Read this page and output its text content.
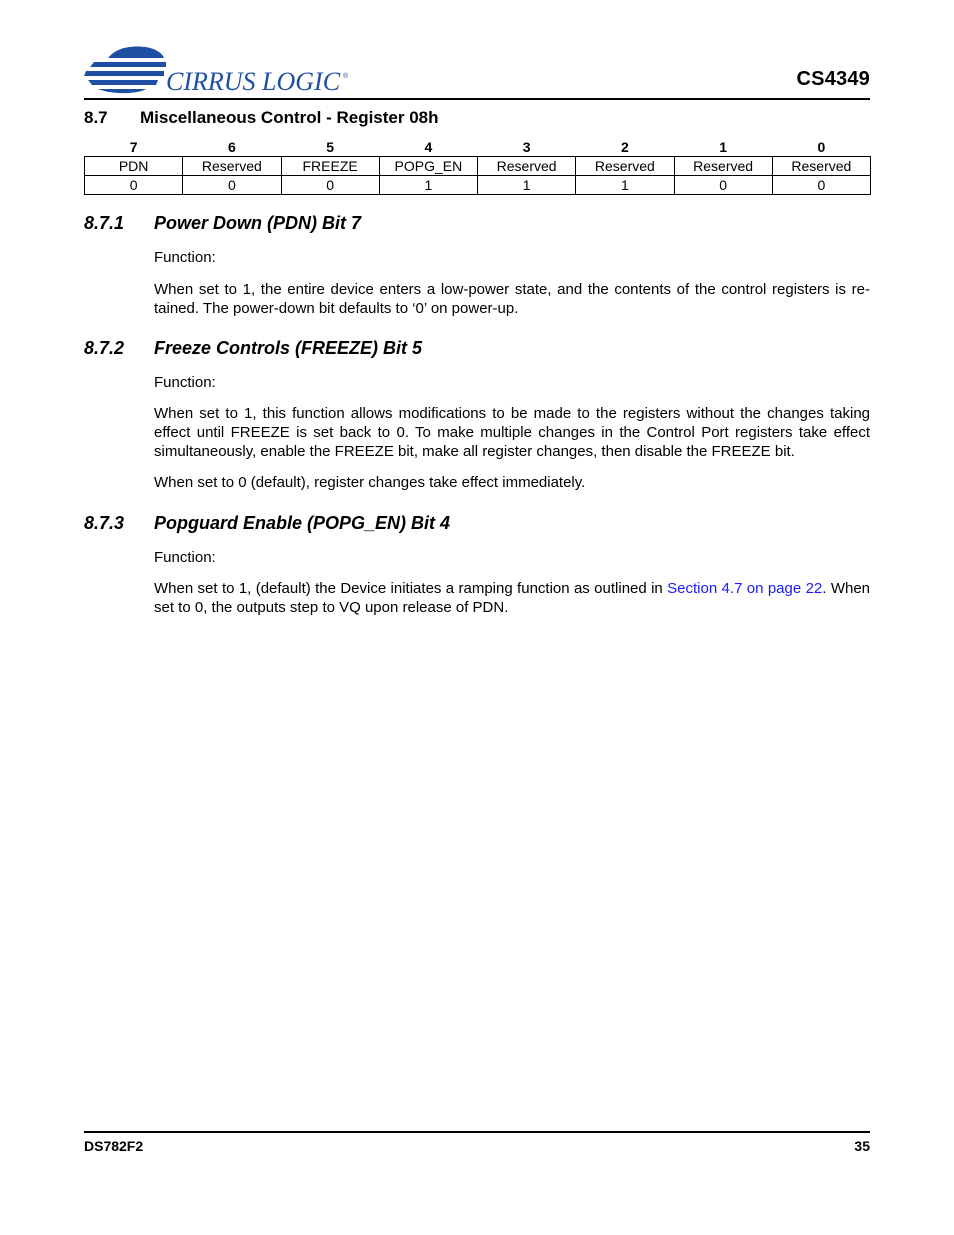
CIRRUS LOGIC ®	CS4349
8.7 Miscellaneous Control - Register 08h
7	6	5	4	3	2	1	0
PDN	Reserved	FREEZE	POPG_EN	Reserved	Reserved	Reserved	Reserved
0	0	0	1	1	1	0	0
8.7.1 Power Down (PDN) Bit 7
Function:
When set to 1, the entire device enters a low-power state, and the contents of the control registers is re-tained. The power-down bit defaults to ‘0’ on power-up.
8.7.2 Freeze Controls (FREEZE) Bit 5
Function:
When set to 1, this function allows modifications to be made to the registers without the changes taking effect until FREEZE is set back to 0. To make multiple changes in the Control Port registers take effect simultaneously, enable the FREEZE bit, make all register changes, then disable the FREEZE bit.
When set to 0 (default), register changes take effect immediately.
8.7.3 Popguard Enable (POPG_EN) Bit 4
Function:
When set to 1, (default) the Device initiates a ramping function as outlined in Section 4.7 on page 22. When set to 0, the outputs step to VQ upon release of PDN.
DS782F2	35
